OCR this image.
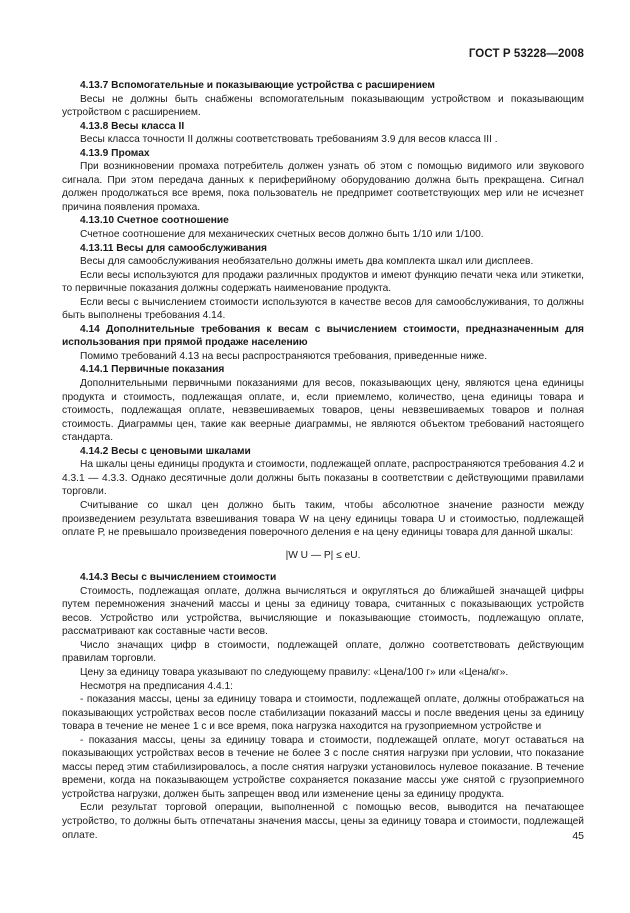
ГОСТ Р 53228—2008

4.13.7 Вспомогательные и показывающие устройства с расширением

Весы не должны быть снабжены вспомогательным показывающим устройством и показывающим устройством с расширением.

4.13.8 Весы класса II

Весы класса точности II должны соответствовать требованиям 3.9 для весов класса III .

4.13.9 Промах

При возникновении промаха потребитель должен узнать об этом с помощью видимого или звукового сигнала. При этом передача данных к периферийному оборудованию должна быть прекращена. Сигнал должен продолжаться все время, пока пользователь не предпримет соответствующих мер или не исчезнет причина появления промаха.

4.13.10 Счетное соотношение

Счетное соотношение для механических счетных весов должно быть 1/10 или 1/100.

4.13.11 Весы для самообслуживания

Весы для самообслуживания необязательно должны иметь два комплекта шкал или дисплеев.

Если весы используются для продажи различных продуктов и имеют функцию печати чека или этикетки, то первичные показания должны содержать наименование продукта.

Если весы с вычислением стоимости используются в качестве весов для самообслуживания, то должны быть выполнены требования 4.14.

4.14 Дополнительные требования к весам с вычислением стоимости, предназначенным для использования при прямой продаже населению

Помимо требований 4.13 на весы распространяются требования, приведенные ниже.

4.14.1 Первичные показания

Дополнительными первичными показаниями для весов, показывающих цену, являются цена единицы продукта и стоимость, подлежащая оплате, и, если приемлемо, количество, цена единицы товара и стоимость, подлежащая оплате, невзвешиваемых товаров, цены невзвешиваемых товаров и полная стоимость. Диаграммы цен, такие как веерные диаграммы, не являются объектом требований настоящего стандарта.

4.14.2 Весы с ценовыми шкалами

На шкалы цены единицы продукта и стоимости, подлежащей оплате, распространяются требования 4.2 и 4.3.1 — 4.3.3. Однако десятичные доли должны быть показаны в соответствии с действующими правилами торговли.

Считывание со шкал цен должно быть таким, чтобы абсолютное значение разности между произведением результата взвешивания товара W на цену единицы товара U и стоимостью, подлежащей оплате Р, не превышало произведения поверочного деления e на цену единицы товара для данной шкалы:

|W U — P| ≤ eU.

4.14.3 Весы с вычислением стоимости

Стоимость, подлежащая оплате, должна вычисляться и округляться до ближайшей значащей цифры путем перемножения значений массы и цены за единицу товара, считанных с показывающих устройств весов. Устройство или устройства, вычисляющие и показывающие стоимость, подлежащую оплате, рассматривают как составные части весов.

Число значащих цифр в стоимости, подлежащей оплате, должно соответствовать действующим правилам торговли.

Цену за единицу товара указывают по следующему правилу: «Цена/100 г» или «Цена/кг».

Несмотря на предписания 4.4.1:

- показания массы, цены за единицу товара и стоимости, подлежащей оплате, должны отображаться на показывающих устройствах весов после стабилизации показаний массы и после введения цены за единицу товара в течение не менее 1 с и все время, пока нагрузка находится на грузоприемном устройстве и

- показания массы, цены за единицу товара и стоимости, подлежащей оплате, могут оставаться на показывающих устройствах весов в течение не более 3 с после снятия нагрузки при условии, что показание массы перед этим стабилизировалось, а после снятия нагрузки установилось нулевое показание. В течение времени, когда на показывающем устройстве сохраняется показание массы уже снятой с грузоприемного устройства нагрузки, должен быть запрещен ввод или изменение цены за единицу продукта.

Если результат торговой операции, выполненной с помощью весов, выводится на печатающее устройство, то должны быть отпечатаны значения массы, цены за единицу товара и стоимости, подлежащей оплате.	45
